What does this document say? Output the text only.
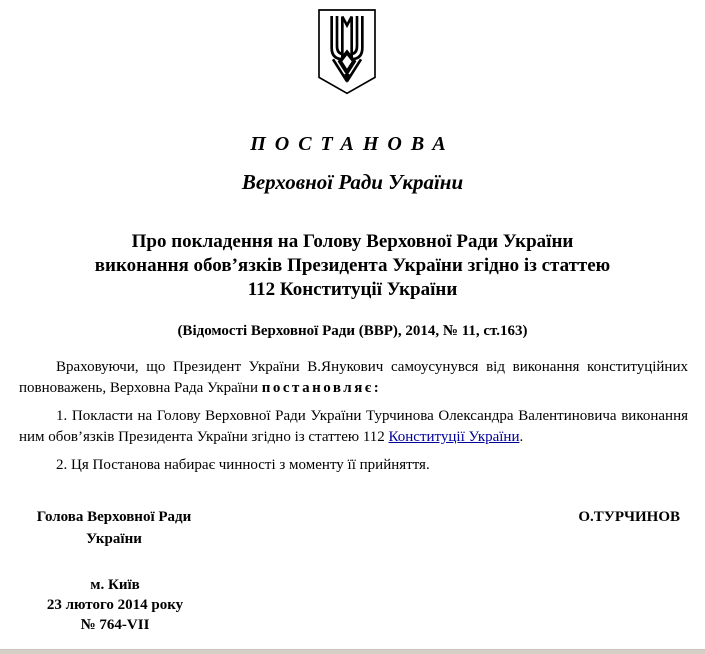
ПОСТАНОВА
Верховної Ради України
Про покладення на Голову Верховної Ради України
виконання обов’язків Президента України згідно із статтею
112 Конституції України
(Відомості Верховної Ради (ВВР), 2014, № 11, ст.163)

Враховуючи, що Президент України В.Янукович самоусунувся від виконання конституційних повноважень, Верховна Рада України постановляє:

1. Покласти на Голову Верховної Ради України Турчинова Олександра Валентиновича виконання ним обов’язків Президента України згідно із статтею 112 Конституції України.

2. Ця Постанова набирає чинності з моменту її прийняття.

Голова Верховної Ради
України
О.ТУРЧИНОВ
м. Київ
23 лютого 2014 року
№ 764-VII
